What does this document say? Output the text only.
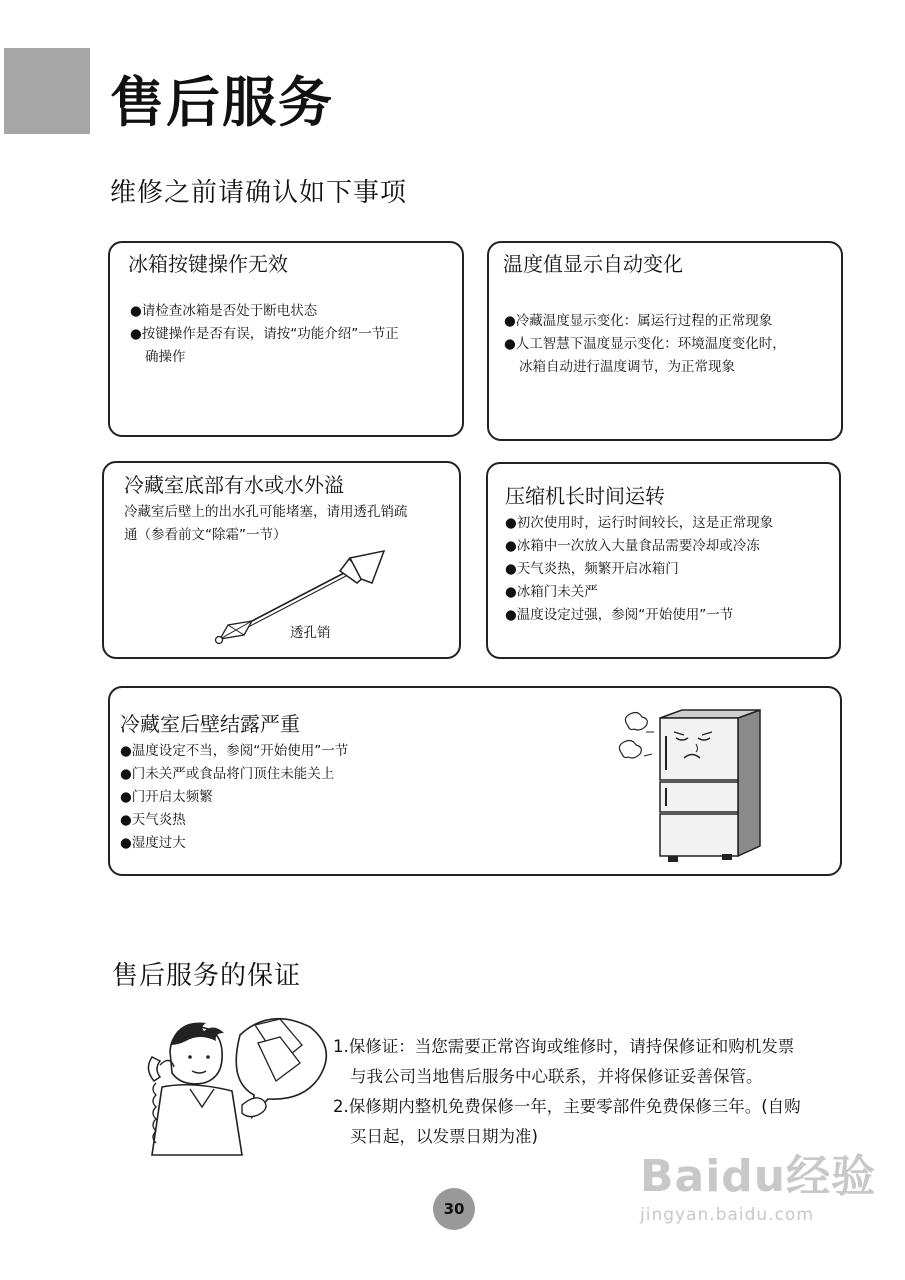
售后服务
维修之前请确认如下事项
冰箱按键操作无效
●请检查冰箱是否处于断电状态
●按键操作是否有误，请按“功能介绍”一节正
确操作
温度值显示自动变化
●冷藏温度显示变化：属运行过程的正常现象
●人工智慧下温度显示变化：环境温度变化时，
冰箱自动进行温度调节，为正常现象
冷藏室底部有水或水外溢
冷藏室后壁上的出水孔可能堵塞，请用透孔销疏
通（参看前文“除霜”一节）
透孔销
压缩机长时间运转
●初次使用时，运行时间较长，这是正常现象
●冰箱中一次放入大量食品需要冷却或冷冻
●天气炎热，频繁开启冰箱门
●冰箱门未关严
●温度设定过强，参阅“开始使用”一节
冷藏室后壁结露严重
●温度设定不当，参阅“开始使用”一节
●门未关严或食品将门顶住未能关上
●门开启太频繁
●天气炎热
●湿度过大
售后服务的保证
1.保修证：当您需要正常咨询或维修时，请持保修证和购机发票
与我公司当地售后服务中心联系，并将保修证妥善保管。
2.保修期内整机免费保修一年，主要零部件免费保修三年。(自购
买日起，以发票日期为准)
30
Baidu经验
jingyan.baidu.com
